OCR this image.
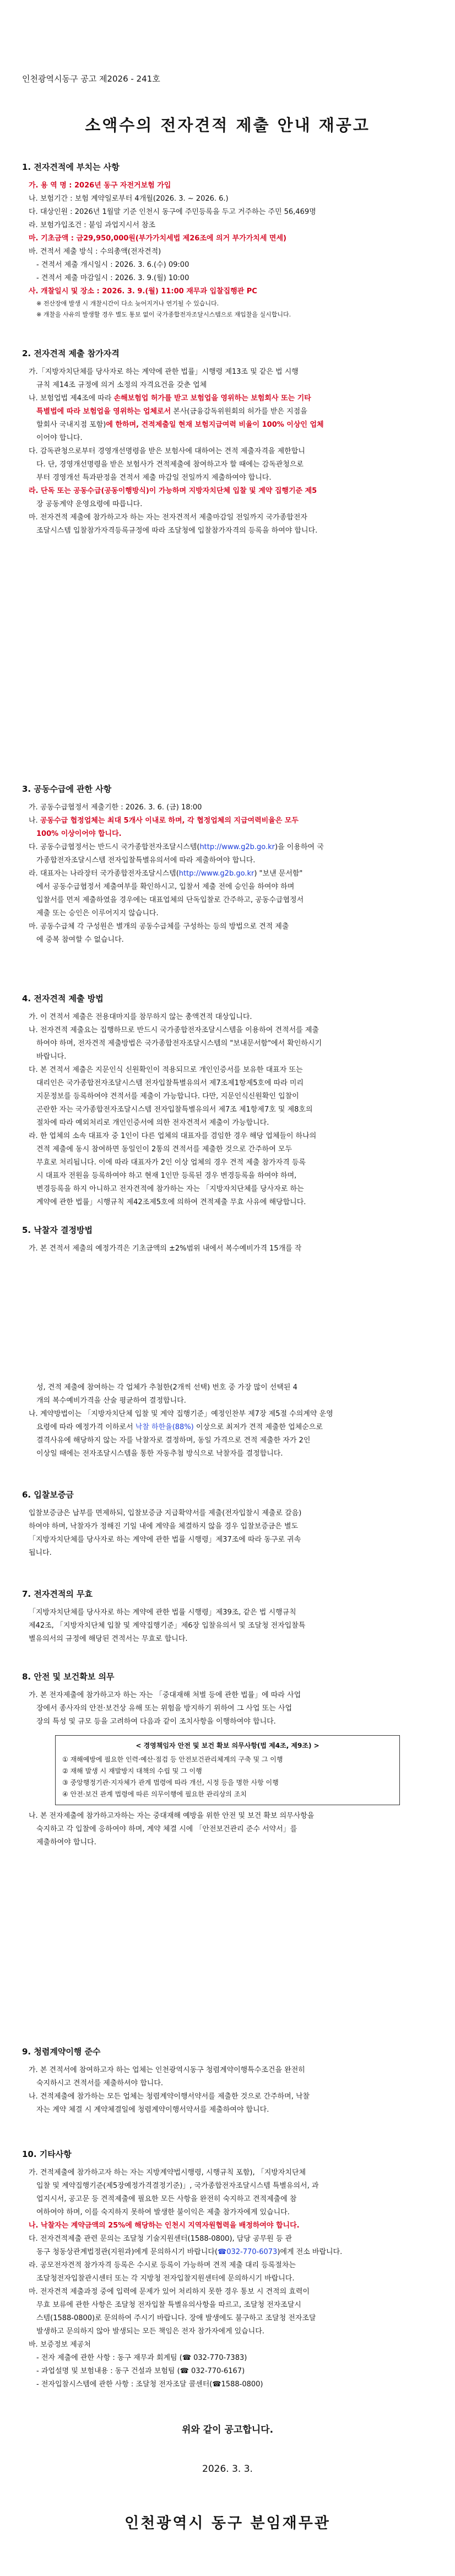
인천광역시동구 공고 제2026 - 241호
소액수의 전자견적 제출 안내 재공고
1. 전자견적에 부치는 사항

가. 용 역 명 : 2026년 동구 자전거보험 가입

나. 보험기간 : 보험 계약일로부터 4개월(2026. 3. ~ 2026. 6.)

다. 대상인원 : 2026년 1월말 기준 인천시 동구에 주민등록을 두고 거주하는 주민 56,469명

라. 보험가입조건 : 붙임 과업지시서 참조

마. 기초금액 : 금29,950,000원(부가가치세법 제26조에 의거 부가가치세 면세)

바. 견적서 제출 방식 : 수의총액(전자견적)

- 견적서 제출 개시일시 : 2026. 3. 6.(수) 09:00

- 견적서 제출 마감일시 : 2026. 3. 9.(월) 10:00

사. 개찰일시 및 장소 : 2026. 3. 9.(월) 11:00 재무과 입찰집행관 PC

※ 전산장애 발생 시 개찰시간이 다소 늦어지거나 연기될 수 있습니다.

※ 개찰을 사유의 발생할 경우 별도 통보 없이 국가종합전자조달시스템으로 재입찰을 실시합니다.

2. 전자견적 제출 참가자격

가.「지방자치단체를 당사자로 하는 계약에 관한 법률」시행령 제13조 및 같은 법 시행

규칙 제14조 규정에 의거 소정의 자격요건을 갖춘 업체

나. 보험업법 제4조에 따라 손해보험업 허가를 받고 보험업을 영위하는 보험회사 또는 기타

특별법에 따라 보험업을 영위하는 업체로서 본사(금융감독위원회의 허가를 받은 지점을

할회사 국내지점 포함)에 한하며, 견적제출일 현재 보험지급여력 비율이 100% 이상인 업체

이어야 합니다.

다. 감독관청으로부터 경영개선명령을 받은 보험사에 대하여는 견적 제출자격을 제한합니

다. 단, 경영개선명령을 받은 보험사가 견적제출에 참여하고자 할 때에는 감독관청으로

부터 경영개선 특과판정을 견적서 제출 마감일 전일까지 제출하여야 합니다.

라. 단독 또는 공동수급(공동이행방식)이 가능하며 지방자치단체 입찰 및 계약 집행기준 제5

장 공동계약 운영요령에 따릅니다.

마. 전자견적 제출에 참가하고자 하는 자는 전자견적서 제출마감일 전일까지 국가종합전자

조달시스템 입찰참가자격등록규정에 따라 조달청에 입찰참가자격의 등록을 하여야 합니다.

3. 공동수급에 관한 사항

가. 공동수급협정서 제출기한 : 2026. 3. 6. (금) 18:00

나. 공동수급 협정업체는 최대 5개사 이내로 하며, 각 협정업체의 지급여력비율은 모두

100% 이상이어야 합니다.

다. 공동수급협정서는 반드시 국가종합전자조달시스템(http://www.g2b.go.kr)을 이용하여 국

가종합전자조달시스템 전자입찰특별유의서에 따라 제출하여야 합니다.

라. 대표자는 나라장터 국가종합전자조달시스템(http://www.g2b.go.kr) "보낸 문서함"

에서 공동수급협정서 제출여부를 확인하시고, 입찰서 제출 전에 승인을 하여야 하며

입찰서를 먼저 제출하였을 경우에는 대표업체의 단독입찰로 간주하고, 공동수급협정서

제출 또는 승인은 이루어지지 않습니다.

마. 공동수급체 각 구성원은 별개의 공동수급체를 구성하는 등의 방법으로 견적 제출

에 중복 참여할 수 없습니다.

4. 전자견적 제출 방법

가. 이 견적서 제출은 전용대마지를 참무하지 않는 총액견적 대상입니다.

나. 전자견적 제출요는 집행하므로 반드시 국가종합전자조달시스템을 이용하여 견적서를 제출

하여야 하며, 전자견적 제출방법은 국가종합전자조달시스템의 "보내문서함"에서 확인하시기

바랍니다.

다. 본 견적서 제출은 지문인식 신원확인이 적용되므로 개인인증서를 보유한 대표자 또는

대리인은 국가종합전자조달시스템 전자입찰특별유의서 제7조제1항제5호에 따라 미리

지문정보를 등록하여야 견적서를 제출이 가능합니다. 다만, 지문인식신원확인 입찰이

곤란한 자는 국가종합전자조달시스템 전자입찰특별유의서 제7조 제1항제7호 및 제8호의

절차에 따라 예외처리로 개인인증서에 의한 전자견적서 제출이 가능합니다.

라. 한 업체의 소속 대표자 중 1인이 다른 업체의 대표자를 겸임한 경우 해당 업체들이 하나의

견적 제출에 동시 참여하면 동일인이 2통의 견적서를 제출한 것으로 간주하여 모두

무효로 처리됩니다. 이에 따라 대표자가 2인 이상 업체의 경우 견적 제출 참가자격 등록

시 대표자 전원을 등록하여야 하고 현재 1인만 등록된 경우 변경등록을 하여야 하며,

변경등록을 하지 아니하고 전자견적에 참가하는 자는 「지방자치단체를 당사자로 하는

계약에 관한 법률」시행규칙 제42조제5호에 의하여 견적제출 무효 사유에 해당합니다.

5. 낙찰자 결정방법

가. 본 견적서 제출의 예정가격은 기초금액의 ±2%범위 내에서 복수예비가격 15개를 작

성, 견적 제출에 참여하는 각 업체가 추첨한(2개씩 선택) 번호 중 가장 많이 선택된 4

개의 복수예비가격을 산술 평균하여 결정합니다.

나. 계약방법이는 「지방자치단체 입찰 및 계약 집행기준」예정인찬부 제7장 제5절 수의계약 운영

요령에 따라 예정가격 이하로서 낙찰 하한율(88%) 이상으로 최저가 견적 제출한 업체순으로

결격사유에 해당하지 않는 자를 낙찰자로 결정하며, 동일 가격으로 견적 제출한 자가 2인

이상일 때에는 전자조달시스템을 통한 자동추첨 방식으로 낙찰자를 결정합니다.

6. 입찰보증금

입찰보증금은 납부를 면제하되, 입찰보증금 지급확약서를 제출(전자입찰시 제출로 갈음)

하여야 하며, 낙찰자가 정해진 기일 내에 계약을 체결하지 않을 경우 입찰보증금은 별도

「지방자치단체를 당사자로 하는 계약에 관한 법률 시행령」제37조에 따라 동구로 귀속

됩니다.

7. 전자견적의 무효

「지방자치단체를 당사자로 하는 계약에 관한 법률 시행령」제39조, 같은 법 시행규칙

제42조, 「지방자치단체 입찰 및 계약집행기준」제6장 입찰유의서 및 조달청 전자입찰특

별유의서의 규정에 해당된 견적서는 무효로 합니다.

8. 안전 및 보건확보 의무

가. 본 전자제출에 참가하고자 하는 자는 「중대재해 처벌 등에 관한 법률」에 따라 사업

장에서 종사자의 안전·보건상 유해 또는 위험을 방지하기 위하여 그 사업 또는 사업

장의 특성 및 규모 등을 고려하여 다음과 같이 조치사항을 이행하여야 합니다.

< 경영책임자 안전 및 보건 확보 의무사항(법 제4조, 제9조) >
① 재해예방에 필요한 인력·예산·점검 등 안전보건관리체계의 구축 및 그 이행
② 재해 발생 시 재발방지 대책의 수립 및 그 이행
③ 중앙행정기관·지자체가 관계 법령에 따라 개선, 시정 등을 명한 사항 이행
④ 안전·보건 관계 법령에 따른 의무이행에 필요한 관리상의 조치

나. 본 전자제출에 참가하고자하는 자는 중대재해 예방을 위한 안전 및 보건 확보 의무사항을

숙지하고 각 입찰에 응하여야 하며, 계약 체결 시에 「안전보건관리 준수 서약서」를

제출하여야 합니다.

9. 청렴계약이행 준수

가. 본 견적서에 참여하고자 하는 업체는 인천광역시동구 청렴계약이행특수조건을 완전히

숙지하시고 견적서를 제출하셔야 합니다.

나. 견적제출에 참가하는 모든 업체는 청렴계약이행서약서를 제출한 것으로 간주하며, 낙찰

자는 계약 체결 시 계약체결일에 청렴계약이행서약서를 제출하여야 합니다.

10. 기타사항

가. 견적제출에 참가하고자 하는 자는 지방계약법시행령, 시행규칙 포함), 「지방자치단체

입찰 및 계약집행기준(제5장예정가격결정기준)」, 국가종합전자조달시스템 특별유의서, 과

업지시서, 공고문 등 견적제출에 필요한 모든 사항을 완전히 숙지하고 견적제출에 참

여하여야 하며, 이를 숙지하지 못하여 발생한 불이익은 제출 참가자에게 있습니다.

나. 낙찰자는 계약금액의 25%에 해당하는 인천시 지역자원협력을 배정하여야 합니다.

다. 전자견적제출 관련 문의는 조달청 기술지원센터(1588-0800), 담당 공무원 등 관

동구 청동상관계법정관(지원과)에게 문의하시기 바랍니다(☎032-770-6073)에게 전소 바랍니다.

라. 공모전자견적 참가자격 등록은 수시로 등록이 가능하며 견적 제출 대리 등록절차는

조달청전자입찰관시센터 또는 각 지방청 전자입찰지원센터에 문의하시기 바랍니다.

마. 전자견적 제출과정 중에 입력에 문제가 있어 처리하지 못한 경우 통보 시 견적의 효력이

무효 보류에 관한 사항은 조달청 전자입찰 특별유의사항을 따르고, 조달청 전자조달시

스템(1588-0800)로 문의하여 주시기 바랍니다. 장애 발생에도 불구하고 조달청 전자조달

발생하고 문의하지 않아 발생되는 모든 책임은 전자 참가자에게 있습니다.

바. 보증정보 제공처

- 전자 제출에 관한 사항 : 동구 재무과 회계팀 (☎ 032-770-7383)

- 과업설명 및 보험내용 : 동구 건설과 보험팀 (☎ 032-770-6167)

- 전자입찰시스템에 관한 사항 : 조달청 전자조달 콜센터(☎1588-0800)

위와 같이 공고합니다.
2026. 3. 3.
인천광역시 동구 분임재무관
